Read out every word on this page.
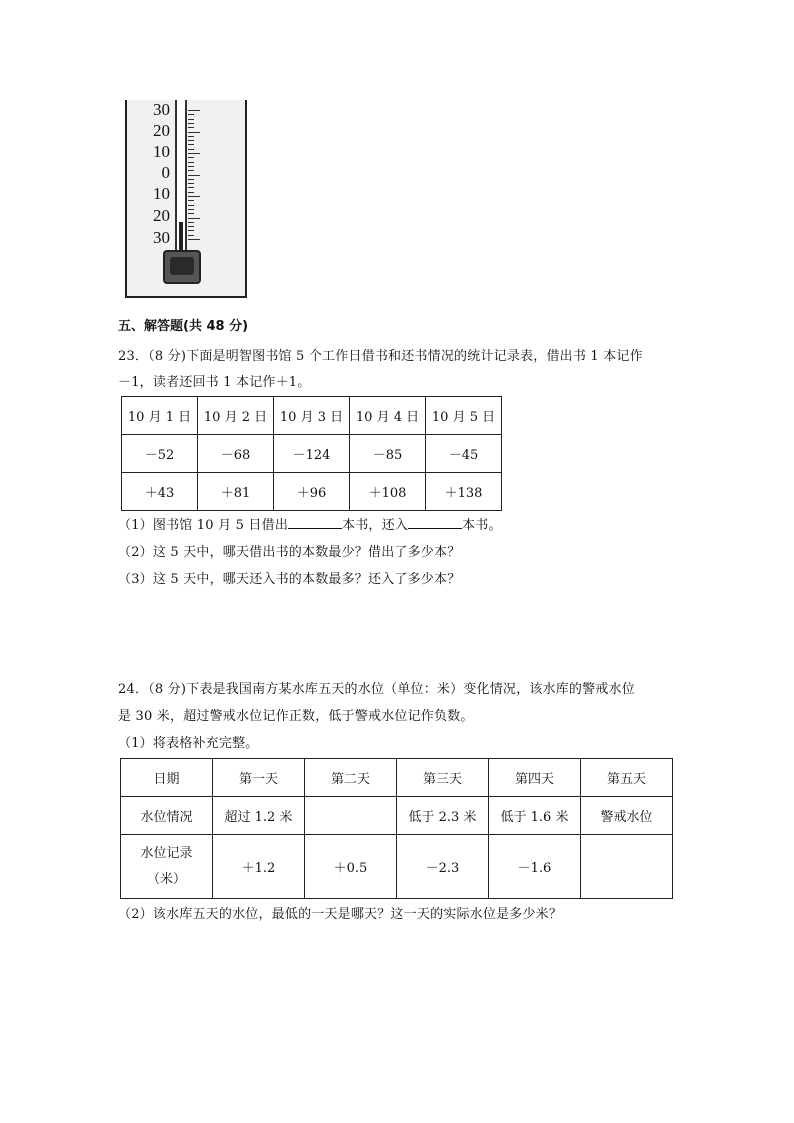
30
20
10
0
10
20
30
五、解答题(共 48 分)
23．（8 分)下面是明智图书馆 5 个工作日借书和还书情况的统计记录表，借出书 1 本记作
－1，读者还回书 1 本记作＋1。
10 月 1 日	10 月 2 日	10 月 3 日	10 月 4 日	10 月 5 日
－52	－68	－124	－85	－45
＋43	＋81	＋96	＋108	＋138
（1）图书馆 10 月 5 日借出	本书，还入	本书。
（2）这 5 天中，哪天借出书的本数最少？借出了多少本？
（3）这 5 天中，哪天还入书的本数最多？还入了多少本？
24．（8 分)下表是我国南方某水库五天的水位（单位：米）变化情况，该水库的警戒水位
是 30 米，超过警戒水位记作正数，低于警戒水位记作负数。
（1）将表格补充完整。
日期	第一天	第二天	第三天	第四天	第五天
水位情况	超过 1.2 米		低于 2.3 米	低于 1.6 米	警戒水位

水位记录
（米）	＋1.2	＋0.5	－2.3	－1.6	
（2）该水库五天的水位，最低的一天是哪天？这一天的实际水位是多少米？
